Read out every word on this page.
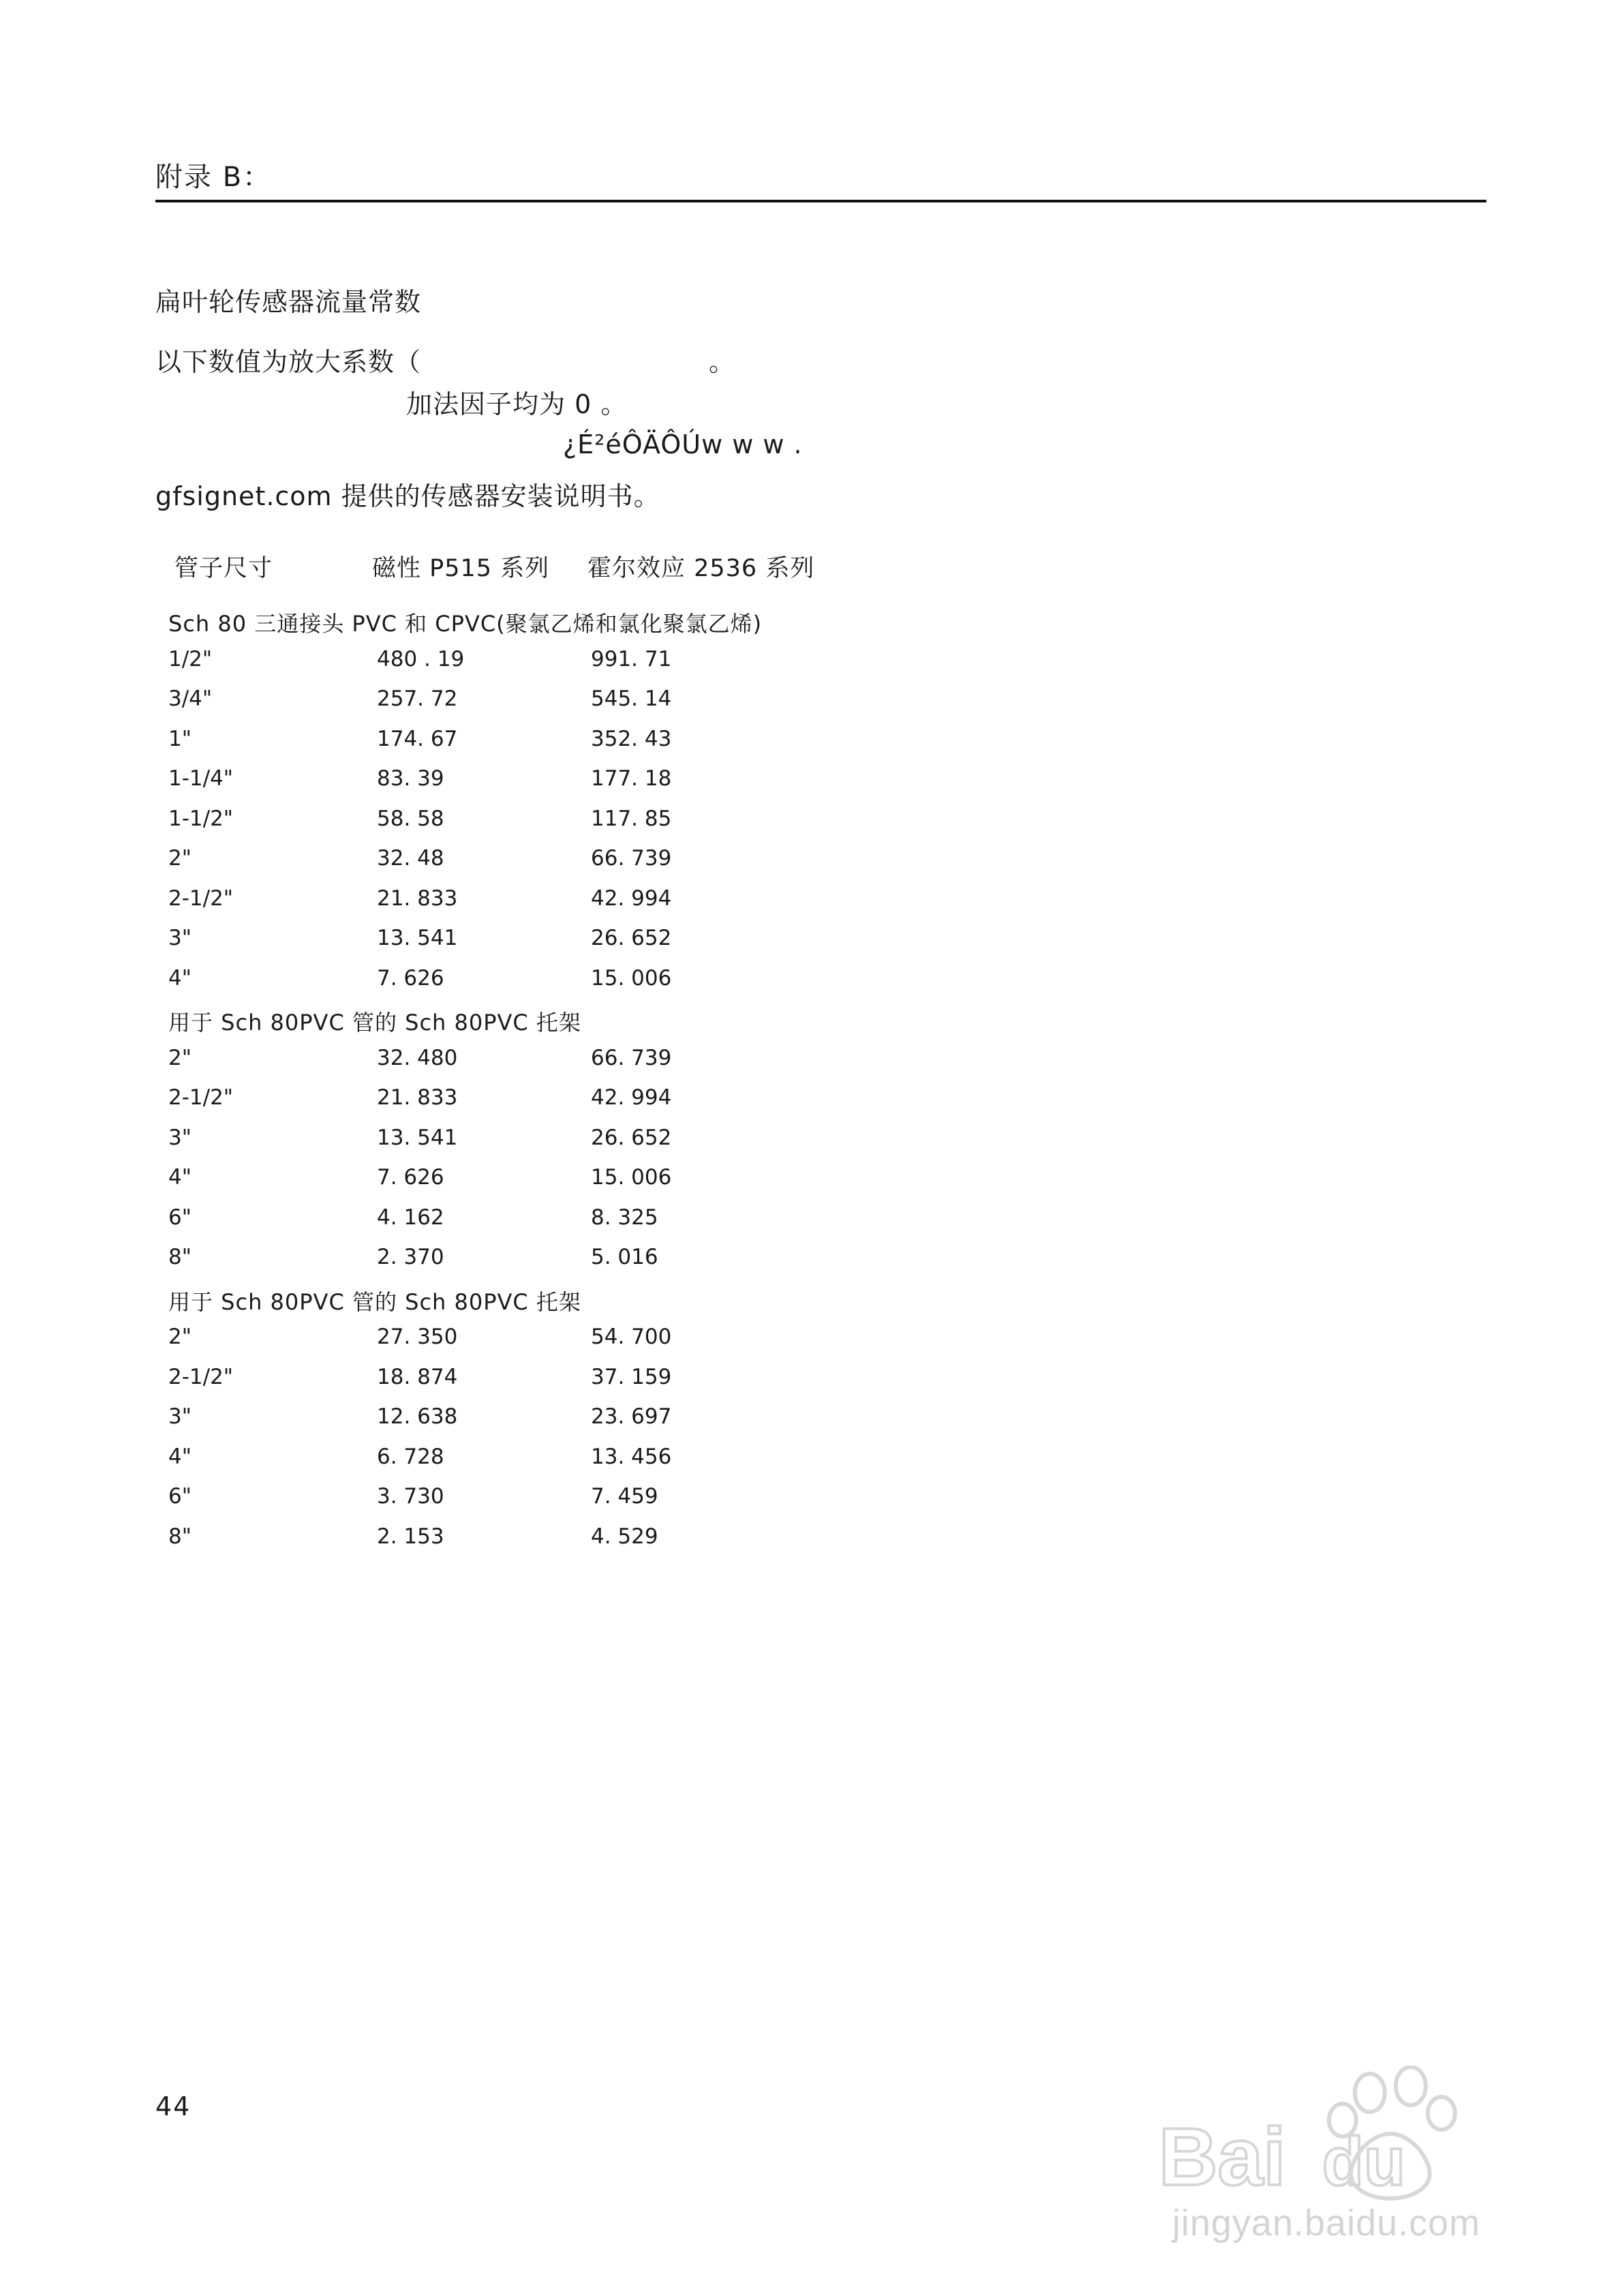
附录 B：
扁叶轮传感器流量常数
以下数值为放大系数（	。
加法因子均为 0 。
¿É²éÔÄÔÚw w w .
gfsignet.com 提供的传感器安装说明书。
管子尺寸	磁性 P515 系列 霍尔效应 2536 系列
Sch 80 三通接头 PVC 和 CPVC(聚氯乙烯和氯化聚氯乙烯)
1/2"	480 . 19	991. 71
3/4"	257. 72	545. 14
1"	174. 67	352. 43
1-1/4"	83. 39	177. 18
1-1/2"	58. 58	117. 85
2"	32. 48	66. 739
2-1/2"	21. 833	42. 994
3"	13. 541	26. 652
4"	7. 626	15. 006
用于 Sch 80PVC 管的 Sch 80PVC 托架
2"	32. 480	66. 739
2-1/2"	21. 833	42. 994
3"	13. 541	26. 652
4"	7. 626	15. 006
6"	4. 162	8. 325
8"	2. 370	5. 016
用于 Sch 80PVC 管的 Sch 80PVC 托架
2"	27. 350	54. 700
2-1/2"	18. 874	37. 159
3"	12. 638	23. 697
4"	6. 728	13. 456
6"	3. 730	7. 459
8"	2. 153	4. 529
44
Bai du
jingyan.baidu.com
